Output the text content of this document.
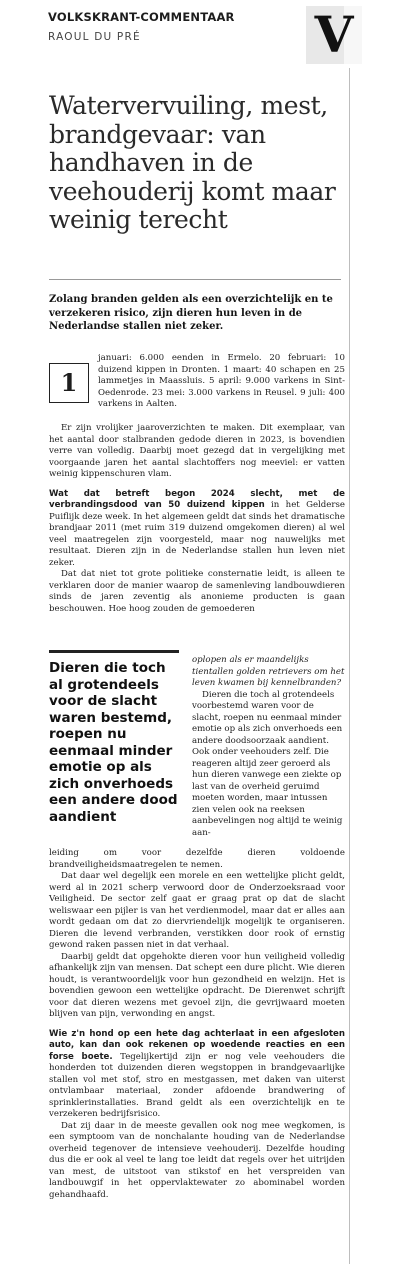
VOLKSKRANT-COMMENTAAR
RAOUL DU PRÉ	V
Watervervuiling, mest, brandgevaar: van handhaven in de veehouderij komt maar weinig terecht
Zolang branden gelden als een overzichtelijk en te verzekeren risico, zijn dieren hun leven in de Nederlandse stallen niet zeker.
1
januari: 6.000 eenden in Ermelo. 20 februari: 10 duizend kippen in Dronten. 1 maart: 40 schapen en 25 lammetjes in Maassluis. 5 april: 9.000 varkens in Sint-Oedenrode. 23 mei: 3.000 varkens in Reusel. 9 juli: 400 varkens in Aalten.

Er zijn vrolijker jaaroverzichten te maken. Dit exemplaar, van het aantal door stalbranden gedode dieren in 2023, is bovendien verre van volledig. Daarbij moet gezegd dat in vergelijking met voorgaande jaren het aantal slachtoffers nog meeviel: er vatten weinig kippenschuren vlam.

Wat dat betreft begon 2024 slecht, met de verbrandingsdood van 50 duizend kippen in het Gelderse Puiflijk deze week. In het algemeen geldt dat sinds het dramatische brandjaar 2011 (met ruim 319 duizend omgekomen dieren) al wel veel maatregelen zijn voorgesteld, maar nog nauwelijks met resultaat. Dieren zijn in de Nederlandse stallen hun leven niet zeker.

Dat dat niet tot grote politieke consternatie leidt, is alleen te verklaren door de manier waarop de samenleving landbouwdieren sinds de jaren zeventig als anonieme producten is gaan beschouwen. Hoe hoog zouden de gemoederen

Dieren die toch al grotendeels voor de slacht waren bestemd, roepen nu eenmaal minder emotie op als zich onverhoeds een andere dood aandient

oplopen als er maandelijks tientallen golden retrievers om het leven kwamen bij kennelbranden?

Dieren die toch al grotendeels voorbestemd waren voor de slacht, roepen nu eenmaal minder emotie op als zich onverhoeds een andere doodsoorzaak aandient. Ook onder veehouders zelf. Die reageren altijd zeer geroerd als hun dieren vanwege een ziekte op last van de overheid geruimd moeten worden, maar intussen zien velen ook na reeksen aanbevelingen nog altijd te weinig aan-

leiding om voor dezelfde dieren voldoende brandveiligheidsmaatregelen te nemen.

Dat daar wel degelijk een morele en een wettelijke plicht geldt, werd al in 2021 scherp verwoord door de Onderzoeksraad voor Veiligheid. De sector zelf gaat er graag prat op dat de slacht weliswaar een pijler is van het verdienmodel, maar dat er alles aan wordt gedaan om dat zo diervriendelijk mogelijk te organiseren. Dieren die levend verbranden, verstikken door rook of ernstig gewond raken passen niet in dat verhaal.

Daarbij geldt dat opgehokte dieren voor hun veiligheid volledig afhankelijk zijn van mensen. Dat schept een dure plicht. Wie dieren houdt, is verantwoordelijk voor hun gezondheid en welzijn. Het is bovendien gewoon een wettelijke opdracht. De Dierenwet schrijft voor dat dieren wezens met gevoel zijn, die gevrijwaard moeten blijven van pijn, verwonding en angst.

Wie z'n hond op een hete dag achterlaat in een afgesloten auto, kan dan ook rekenen op woedende reacties en een forse boete. Tegelijkertijd zijn er nog vele veehouders die honderden tot duizenden dieren wegstoppen in brandgevaarlijke stallen vol met stof, stro en mestgassen, met daken van uiterst ontvlambaar materiaal, zonder afdoende brandwering of sprinklerinstallaties. Brand geldt als een overzichtelijk en te verzekeren bedrijfsrisico.

Dat zij daar in de meeste gevallen ook nog mee wegkomen, is een symptoom van de nonchalante houding van de Nederlandse overheid tegenover de intensieve veehouderij. Dezelfde houding dus die er ook al veel te lang toe leidt dat regels over het uitrijden van mest, de uitstoot van stikstof en het verspreiden van landbouwgif in het oppervlaktewater zo abominabel worden gehandhaafd.
